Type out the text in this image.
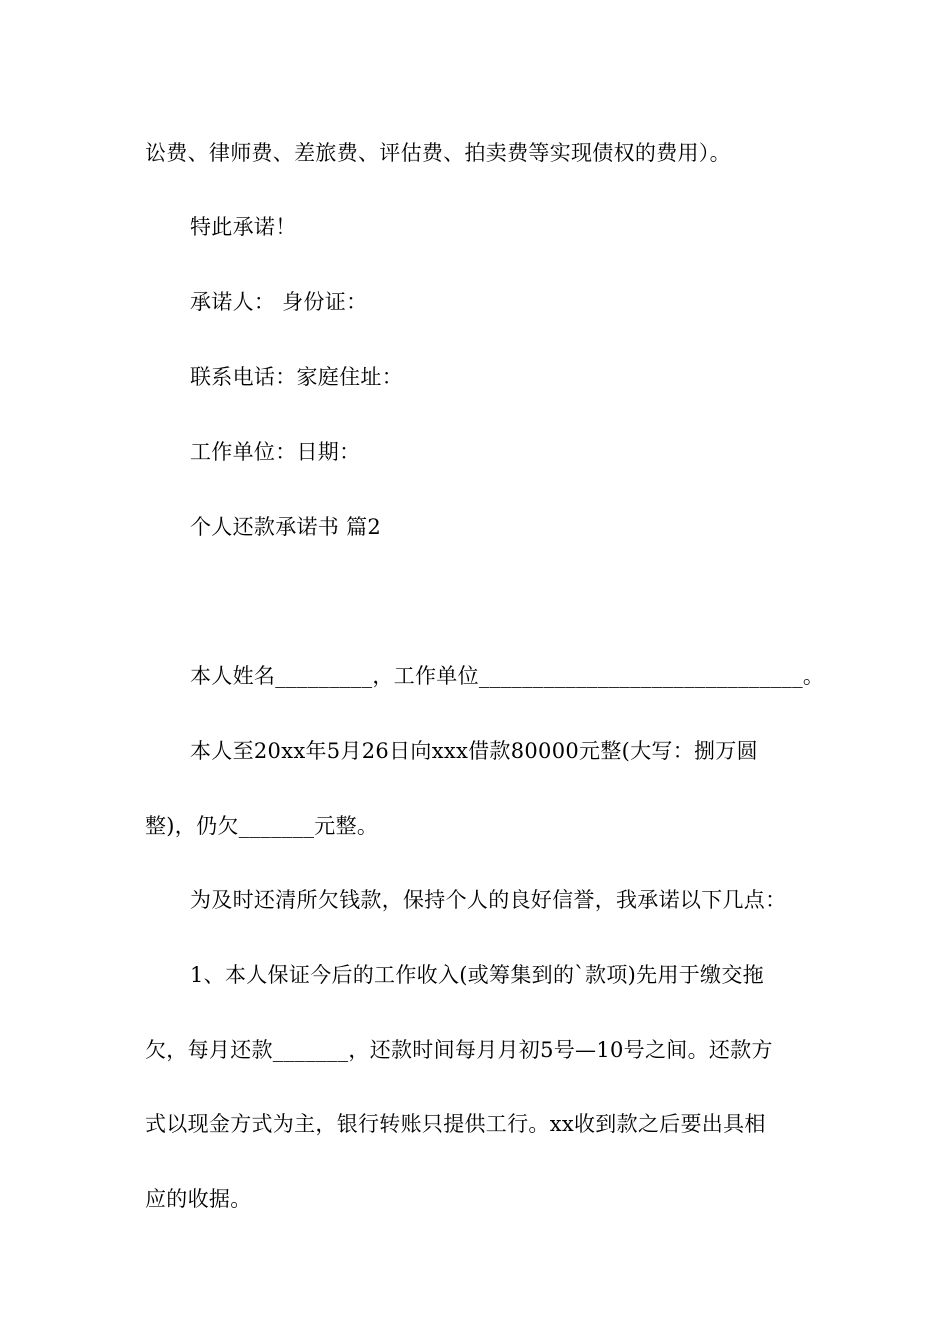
讼费、律师费、差旅费、评估费、拍卖费等实现债权的费用）。
特此承诺！
承诺人： 身份证：
联系电话：家庭住址：
工作单位：日期：
个人还款承诺书 篇2
本人姓名_________，工作单位______________________________。
本人至20xx年5月26日向xxx借款80000元整(大写：捌万圆
整)，仍欠_______元整。
为及时还清所欠钱款，保持个人的良好信誉，我承诺以下几点：
1、本人保证今后的工作收入(或筹集到的`款项)先用于缴交拖
欠，每月还款_______，还款时间每月月初5号—10号之间。还款方
式以现金方式为主，银行转账只提供工行。xx收到款之后要出具相
应的收据。
